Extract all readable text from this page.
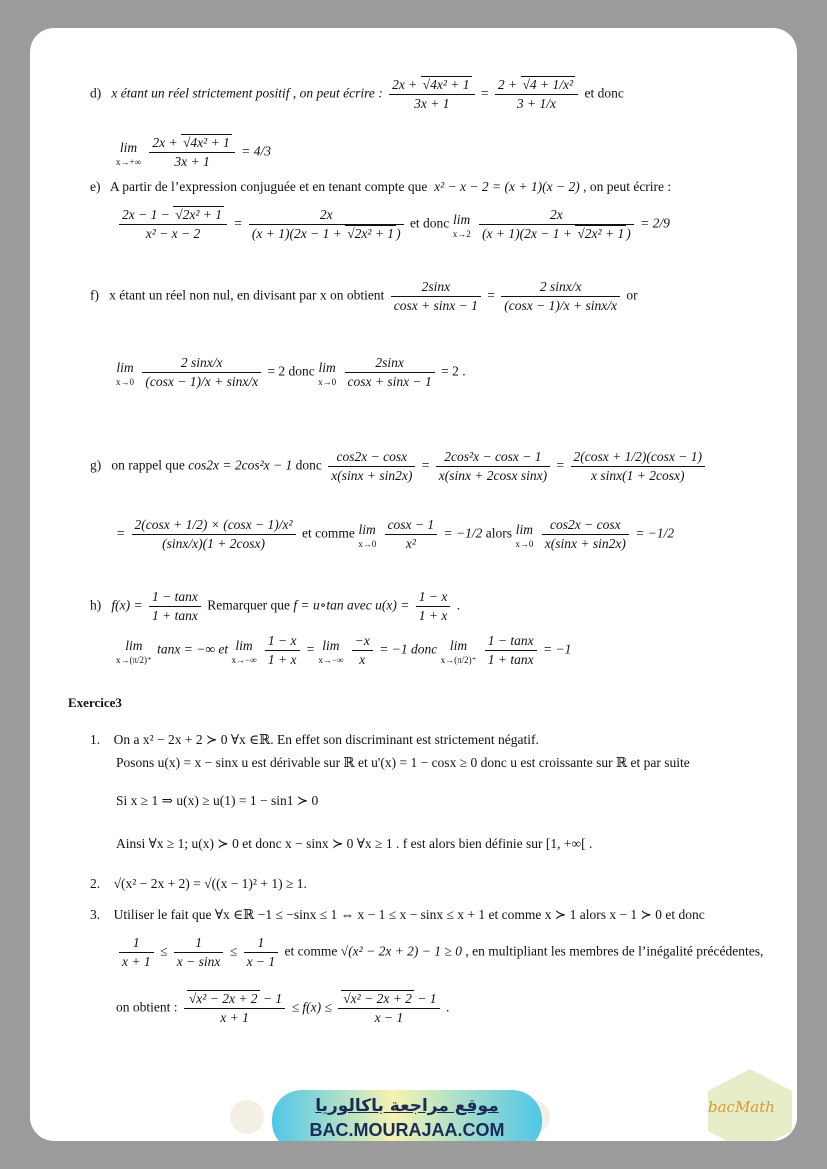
d) x étant un réel strictement positif , on peut écrire : $\frac{\text{2x + √ 4x² + 1}}{3x + 1} = \frac{\text{2 + √ 4 + 1/x²}}{3 + 1/x}$ et donc
lim
x→+∞
$\frac{\text{2x + √ 4x² + 1}}{3x + 1} = 4/3$
e) A partir de l’expression conjuguée et en tenant compte que x² − x − 2 = (x + 1)(x − 2) , on peut écrire :
$\frac{\text{2x − 1 − √ 2x² + 1}}{\text{x² − x − 2}} = \frac{2x}{\text{(x + 1)(2x − 1 + √ 2x² + 1 )}}$ et donc lim
x→2
$\frac{2x}{\text{(x + 1)(2x − 1 + √ 2x² + 1 )}} = 2/9$
f) x étant un réel non nul, en divisant par x on obtient $\frac{2\sin x}{\cos x + \sin x - 1} = \frac{2 \sin x/x}{(\cos x - 1)/x + \sin x/x}$ or
lim
x→0
$\frac{2 \sin x/x}{(\cos x - 1)/x + \sin x/x} = 2$ donc lim
x→0
$\frac{2\sin x}{\cos x + \sin x - 1} = 2$ .
g) on rappel que cos2x = 2cos²x − 1 donc $\frac{\cos 2x - \cos x}{x(\sin x + \sin 2x)} = \frac{\text{2cos²x − cosx − 1}}{\text{x(sinx + 2cosx sinx)}} = \frac{2(\cos x + 1/2)(\cos x - 1)}{\text{x sinx(1 + 2cosx)}}$
= $\frac{\text{2(cosx + 1/2) × (cosx − 1)/x²}}{(\sin x/x)(1 + 2\cos x)}$ et comme lim
x→0
$\frac{\cos x - 1}{\text{x²}} = -1/2$ alors lim
x→0
$\frac{\cos 2x - \cos x}{x(\sin x + \sin 2x)} = -1/2$
h) $f(x) = \frac{1 - \tan x}{1 + \tan x}$ Remarquer que f = u∘tan avec $u(x) = \frac{1 - x}{1 + x}$ .
lim
x→(π/2)⁺
tanx = −∞ et lim
x→−∞
$\frac{1 - x}{1 + x} = \lim$
x→−∞
$\frac{-x}{x} = -1$ donc lim
x→(π/2)⁺
$\frac{1 - \tan x}{1 + \tan x} = -1$
Exercice3
1. On a x² − 2x + 2 ≻ 0 ∀x ∈ℝ. En effet son discriminant est strictement négatif.
Posons u(x) = x − sinx u est dérivable sur ℝ et u'(x) = 1 − cosx ≥ 0 donc u est croissante sur ℝ et par suite
Si x ≥ 1 ⇒ u(x) ≥ u(1) = 1 − sin1 ≻ 0
Ainsi ∀x ≥ 1; u(x) ≻ 0 et donc x − sinx ≻ 0 ∀x ≥ 1 . f est alors bien définie sur [1, +∞[ .
2. √(x² − 2x + 2) = √((x − 1)² + 1) ≥ 1.
3. Utiliser le fait que ∀x ∈ℝ −1 ≤ −sinx ≤ 1 ⇔ x − 1 ≤ x − sinx ≤ x + 1 et comme x ≻ 1 alors x − 1 ≻ 0 et donc
$\frac{1}{x + 1} \le \frac{1}{x - \sin x} \le \frac{1}{x - 1}$ et comme √(x² − 2x + 2) − 1 ≥ 0 , en multipliant les membres de l’inégalité précédentes,
on obtient : √ $\frac{\text{x² − 2x + 2 − 1}}{x + 1} \le f(x)$ ≤ √ $\frac{\text{x² − 2x + 2 − 1}}{x - 1}$ .
موقع مراجعة باكالوريا
BAC.MOURAJAA.COM
bacMath
